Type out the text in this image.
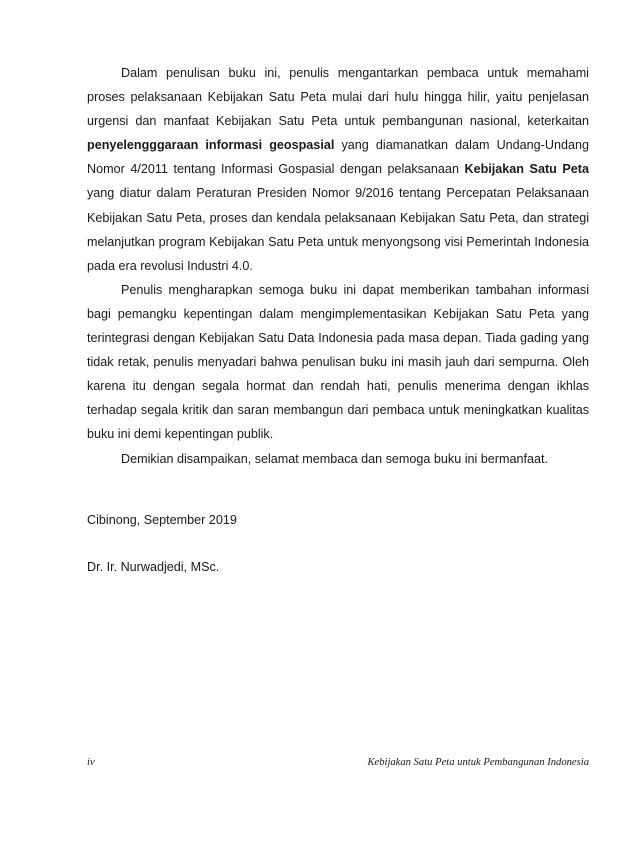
Dalam penulisan buku ini, penulis mengantarkan pembaca untuk memahami proses pelaksanaan Kebijakan Satu Peta mulai dari hulu hingga hilir, yaitu penjelasan urgensi dan manfaat Kebijakan Satu Peta untuk pembangunan nasional, keterkaitan penyelengggaraan informasi geospasial yang diamanatkan dalam Undang-Undang Nomor 4/2011 tentang Informasi Gospasial dengan pelaksanaan Kebijakan Satu Peta yang diatur dalam Peraturan Presiden Nomor 9/2016 tentang Percepatan Pelaksanaan Kebijakan Satu Peta, proses dan kendala pelaksanaan Kebijakan Satu Peta, dan strategi melanjutkan program Kebijakan Satu Peta untuk menyongsong visi Pemerintah Indonesia pada era revolusi Industri 4.0.

Penulis mengharapkan semoga buku ini dapat memberikan tambahan informasi bagi pemangku kepentingan dalam mengimplementasikan Kebijakan Satu Peta yang terintegrasi dengan Kebijakan Satu Data Indonesia pada masa depan. Tiada gading yang tidak retak, penulis menyadari bahwa penulisan buku ini masih jauh dari sempurna. Oleh karena itu dengan segala hormat dan rendah hati, penulis menerima dengan ikhlas terhadap segala kritik dan saran membangun dari pembaca untuk meningkatkan kualitas buku ini demi kepentingan publik.

Demikian disampaikan, selamat membaca dan semoga buku ini bermanfaat.

Cibinong, September 2019

Dr. Ir. Nurwadjedi, MSc.

iv	Kebijakan Satu Peta untuk Pembangunan Indonesia
